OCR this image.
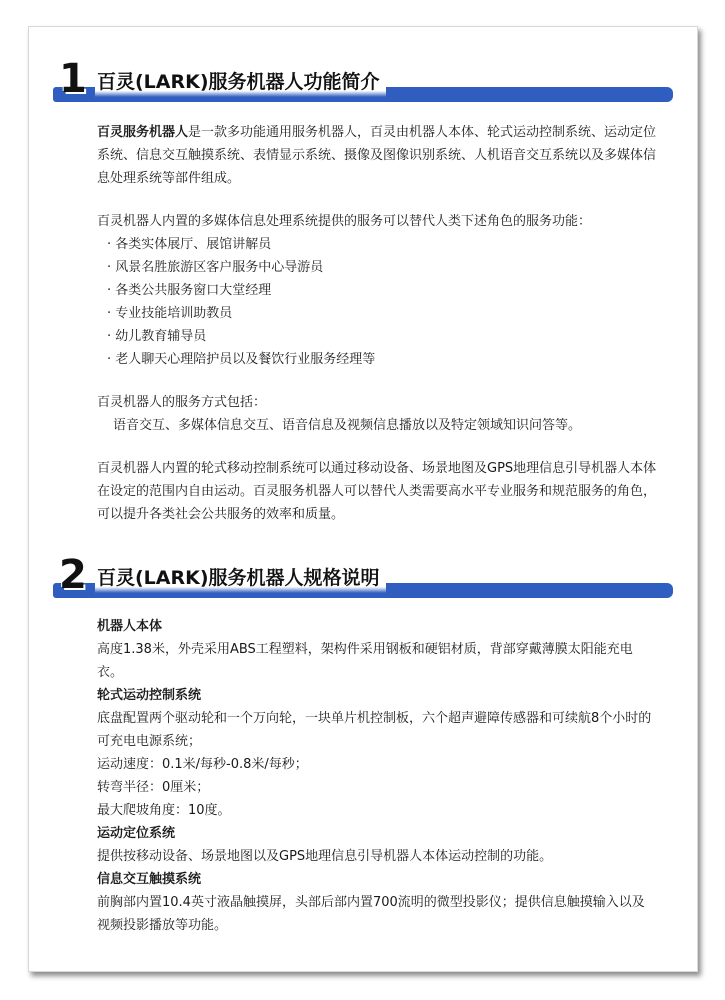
1 百灵(LARK)服务机器人功能简介

百灵服务机器人是一款多功能通用服务机器人，百灵由机器人本体、轮式运动控制系统、运动定位系统、信息交互触摸系统、表情显示系统、摄像及图像识别系统、人机语音交互系统以及多媒体信息处理系统等部件组成。

百灵机器人内置的多媒体信息处理系统提供的服务可以替代人类下述角色的服务功能：

· 各类实体展厅、展馆讲解员

· 风景名胜旅游区客户服务中心导游员

· 各类公共服务窗口大堂经理

· 专业技能培训助教员

· 幼儿教育辅导员

· 老人聊天心理陪护员以及餐饮行业服务经理等

百灵机器人的服务方式包括：

语音交互、多媒体信息交互、语音信息及视频信息播放以及特定领域知识问答等。

百灵机器人内置的轮式移动控制系统可以通过移动设备、场景地图及GPS地理信息引导机器人本体在设定的范围内自由运动。百灵服务机器人可以替代人类需要高水平专业服务和规范服务的角色，可以提升各类社会公共服务的效率和质量。

2 百灵(LARK)服务机器人规格说明

机器人本体

高度1.38米，外壳采用ABS工程塑料，架构件采用钢板和硬铝材质，背部穿戴薄膜太阳能充电衣。

轮式运动控制系统

底盘配置两个驱动轮和一个万向轮，一块单片机控制板，六个超声避障传感器和可续航8个小时的可充电电源系统；

运动速度：0.1米/每秒-0.8米/每秒；

转弯半径：0厘米；

最大爬坡角度：10度。

运动定位系统

提供按移动设备、场景地图以及GPS地理信息引导机器人本体运动控制的功能。

信息交互触摸系统

前胸部内置10.4英寸液晶触摸屏，头部后部内置700流明的微型投影仪；提供信息触摸输入以及视频投影播放等功能。
